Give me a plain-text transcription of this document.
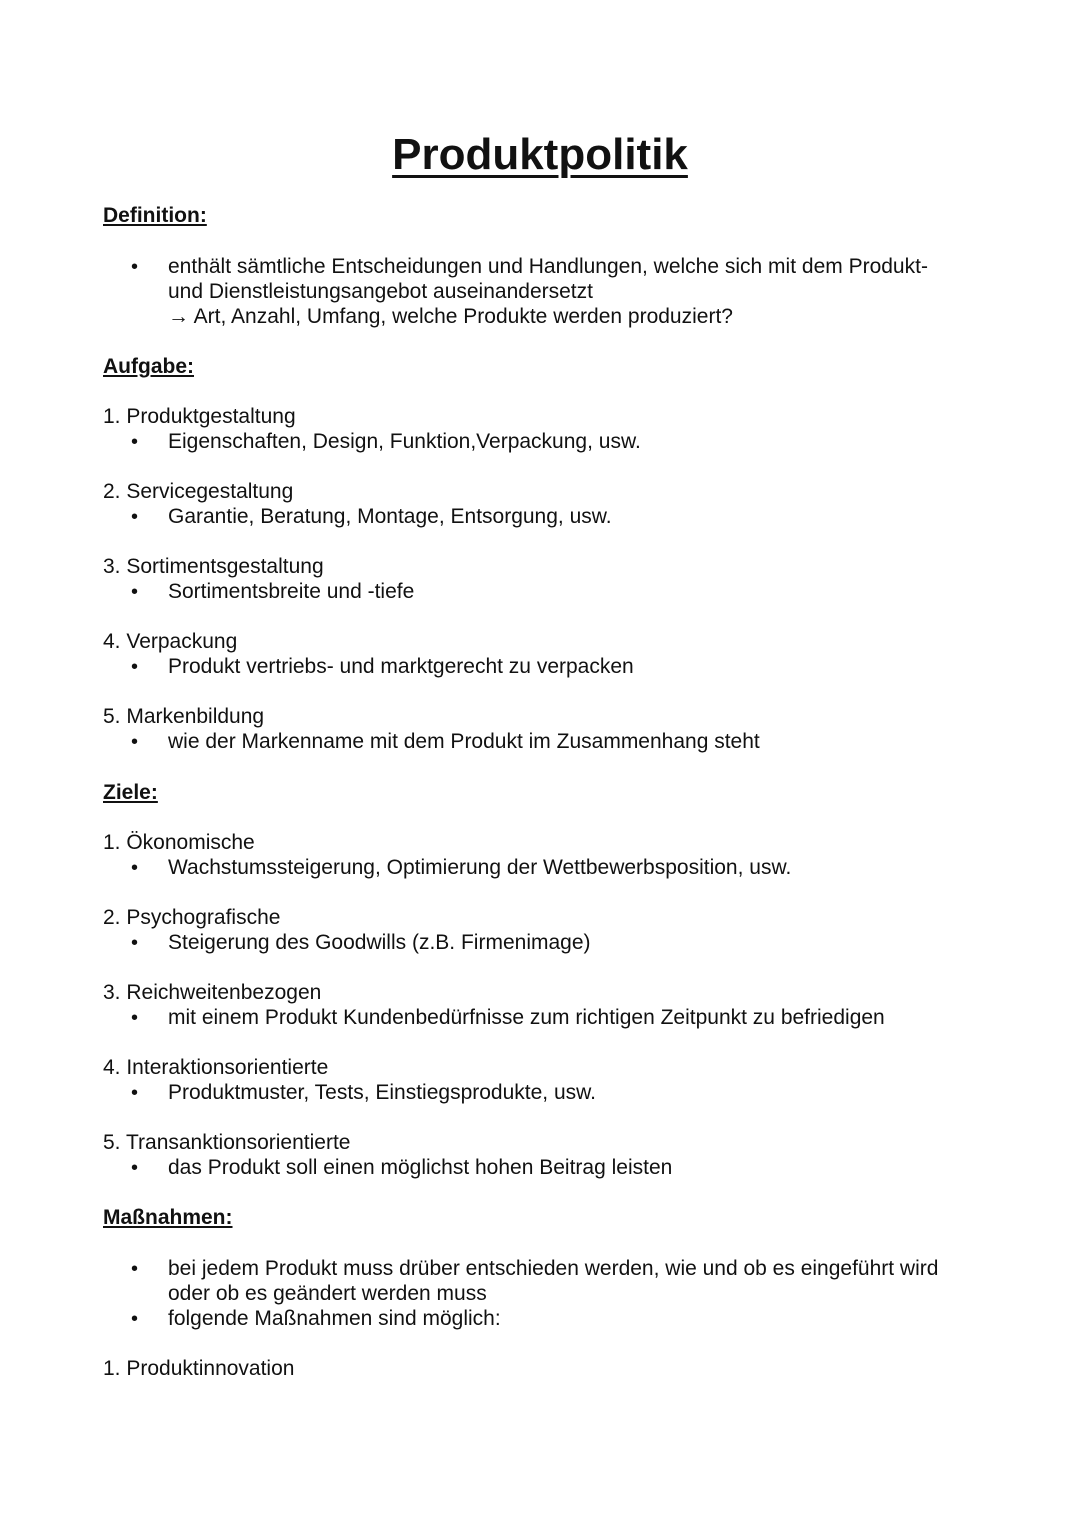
Produktpolitik
Definition:
• enthält sämtliche Entscheidungen und Handlungen, welche sich mit dem Produkt-
und Dienstleistungsangebot auseinandersetzt
→ Art, Anzahl, Umfang, welche Produkte werden produziert?
Aufgabe:
1. Produktgestaltung
• Eigenschaften, Design, Funktion,Verpackung, usw.
2. Servicegestaltung
• Garantie, Beratung, Montage, Entsorgung, usw.
3. Sortimentsgestaltung
• Sortimentsbreite und -tiefe
4. Verpackung
• Produkt vertriebs- und marktgerecht zu verpacken
5. Markenbildung
• wie der Markenname mit dem Produkt im Zusammenhang steht
Ziele:
1. Ökonomische
• Wachstumssteigerung, Optimierung der Wettbewerbsposition, usw.
2. Psychografische
• Steigerung des Goodwills (z.B. Firmenimage)
3. Reichweitenbezogen
• mit einem Produkt Kundenbedürfnisse zum richtigen Zeitpunkt zu befriedigen
4. Interaktionsorientierte
• Produktmuster, Tests, Einstiegsprodukte, usw.
5. Transanktionsorientierte
• das Produkt soll einen möglichst hohen Beitrag leisten
Maßnahmen:
• bei jedem Produkt muss drüber entschieden werden, wie und ob es eingeführt wird
oder ob es geändert werden muss
• folgende Maßnahmen sind möglich:
1. Produktinnovation
